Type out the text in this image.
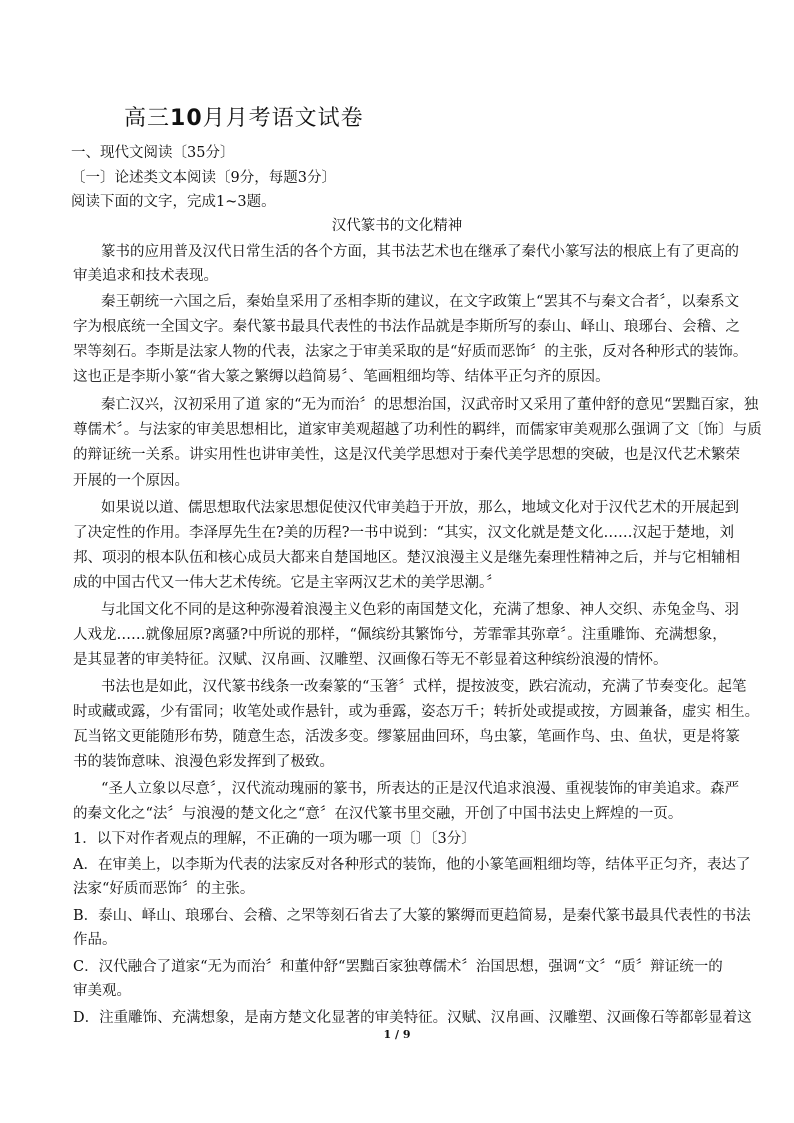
高三10月月考语文试卷
一、现代文阅读〔35分〕
〔一〕论述类文本阅读〔9分，每题3分〕
阅读下面的文字，完成1~3题。
汉代篆书的文化精神
篆书的应用普及汉代日常生活的各个方面，其书法艺术也在继承了秦代小篆写法的根底上有了更高的
审美追求和技术表现。
秦王朝统一六国之后，秦始皇采用了丞相李斯的建议，在文字政策上“罢其不与秦文合者〞，以秦系文
字为根底统一全国文字。秦代篆书最具代表性的书法作品就是李斯所写的泰山、峄山、琅琊台、会稽、之
罘等刻石。李斯是法家人物的代表，法家之于审美采取的是“好质而恶饰〞的主张，反对各种形式的装饰。
这也正是李斯小篆“省大篆之繁缛以趋简易〞、笔画粗细均等、结体平正匀齐的原因。
秦亡汉兴，汉初采用了道 家的“无为而治〞的思想治国，汉武帝时又采用了董仲舒的意见“罢黜百家，独
尊儒术〞。与法家的审美思想相比，道家审美观超越了功利性的羁绊，而儒家审美观那么强调了文〔饰〕与质
的辩证统一关系。讲实用性也讲审美性，这是汉代美学思想对于秦代美学思想的突破，也是汉代艺术繁荣
开展的一个原因。
如果说以道、儒思想取代法家思想促使汉代审美趋于开放，那么，地域文化对于汉代艺术的开展起到
了决定性的作用。李泽厚先生在?美的历程?一书中说到：“其实，汉文化就是楚文化……汉起于楚地，刘
邦、项羽的根本队伍和核心成员大都来自楚国地区。楚汉浪漫主义是继先秦理性精神之后，并与它相辅相
成的中国古代又一伟大艺术传统。它是主宰两汉艺术的美学思潮。〞
与北国文化不同的是这种弥漫着浪漫主义色彩的南国楚文化，充满了想象、神人交织、赤兔金鸟、羽
人戏龙……就像屈原?离骚?中所说的那样，“佩缤纷其繁饰兮，芳霏霏其弥章〞。注重雕饰、充满想象，
是其显著的审美特征。汉赋、汉帛画、汉雕塑、汉画像石等无不彰显着这种缤纷浪漫的情怀。
书法也是如此，汉代篆书线条一改秦篆的“玉箸〞式样，提按波变，跌宕流动，充满了节奏变化。起笔
时或藏或露，少有雷同；收笔处或作悬针，或为垂露，姿态万千；转折处或提或按，方圆兼备，虚实 相生。
瓦当铭文更能随形布势，随意生态，活泼多变。缪篆屈曲回环，鸟虫篆，笔画作鸟、虫、鱼状，更是将篆
书的装饰意味、浪漫色彩发挥到了极致。
“圣人立象以尽意〞，汉代流动瑰丽的篆书，所表达的正是汉代追求浪漫、重视装饰的审美追求。森严
的秦文化之“法〞与浪漫的楚文化之“意〞在汉代篆书里交融，开创了中国书法史上辉煌的一页。
1．以下对作者观点的理解，不正确的一项为哪一项〔〕〔3分〕
A．在审美上，以李斯为代表的法家反对各种形式的装饰，他的小篆笔画粗细均等，结体平正匀齐，表达了
法家“好质而恶饰〞的主张。
B．泰山、峄山、琅琊台、会稽、之罘等刻石省去了大篆的繁缛而更趋简易，是秦代篆书最具代表性的书法
作品。
C．汉代融合了道家“无为而治〞和董仲舒“罢黜百家独尊儒术〞治国思想，强调“文〞“质〞辩证统一的
审美观。
D．注重雕饰、充满想象，是南方楚文化显著的审美特征。汉赋、汉帛画、汉雕塑、汉画像石等都彰显着这
1 / 9
